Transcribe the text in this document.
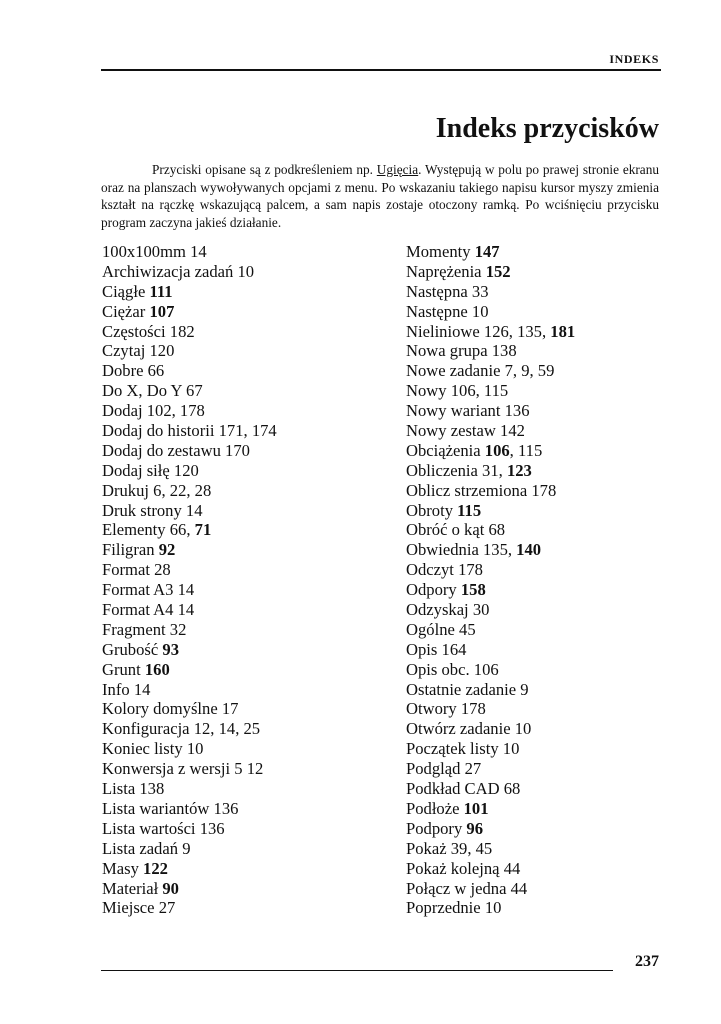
INDEKS
Indeks przycisków

Przyciski opisane są z podkreśleniem np. Ugięcia. Występują w polu po prawej stronie ekranu oraz na planszach wywoływanych opcjami z menu. Po wskazaniu takiego napisu kursor myszy zmienia kształt na rączkę wskazującą palcem, a sam napis zostaje otoczony ramką. Po wciśnięciu przycisku program zaczyna jakieś działanie.

100x100mm 14
Archiwizacja zadań 10
Ciągłe 111
Ciężar 107
Częstości 182
Czytaj 120
Dobre 66
Do X, Do Y 67
Dodaj 102, 178
Dodaj do historii 171, 174
Dodaj do zestawu 170
Dodaj siłę 120
Drukuj 6, 22, 28
Druk strony 14
Elementy 66, 71
Filigran 92
Format 28
Format A3 14
Format A4 14
Fragment 32
Grubość 93
Grunt 160
Info 14
Kolory domyślne 17
Konfiguracja 12, 14, 25
Koniec listy 10
Konwersja z wersji 5 12
Lista 138
Lista wariantów 136
Lista wartości 136
Lista zadań 9
Masy 122
Materiał 90
Miejsce 27
Momenty 147
Naprężenia 152
Następna 33
Następne 10
Nieliniowe 126, 135, 181
Nowa grupa 138
Nowe zadanie 7, 9, 59
Nowy 106, 115
Nowy wariant 136
Nowy zestaw 142
Obciążenia 106, 115
Obliczenia 31, 123
Oblicz strzemiona 178
Obroty 115
Obróć o kąt 68
Obwiednia 135, 140
Odczyt 178
Odpory 158
Odzyskaj 30
Ogólne 45
Opis 164
Opis obc. 106
Ostatnie zadanie 9
Otwory 178
Otwórz zadanie 10
Początek listy 10
Podgląd 27
Podkład CAD 68
Podłoże 101
Podpory 96
Pokaż 39, 45
Pokaż kolejną 44
Połącz w jedna 44
Poprzednie 10
237
